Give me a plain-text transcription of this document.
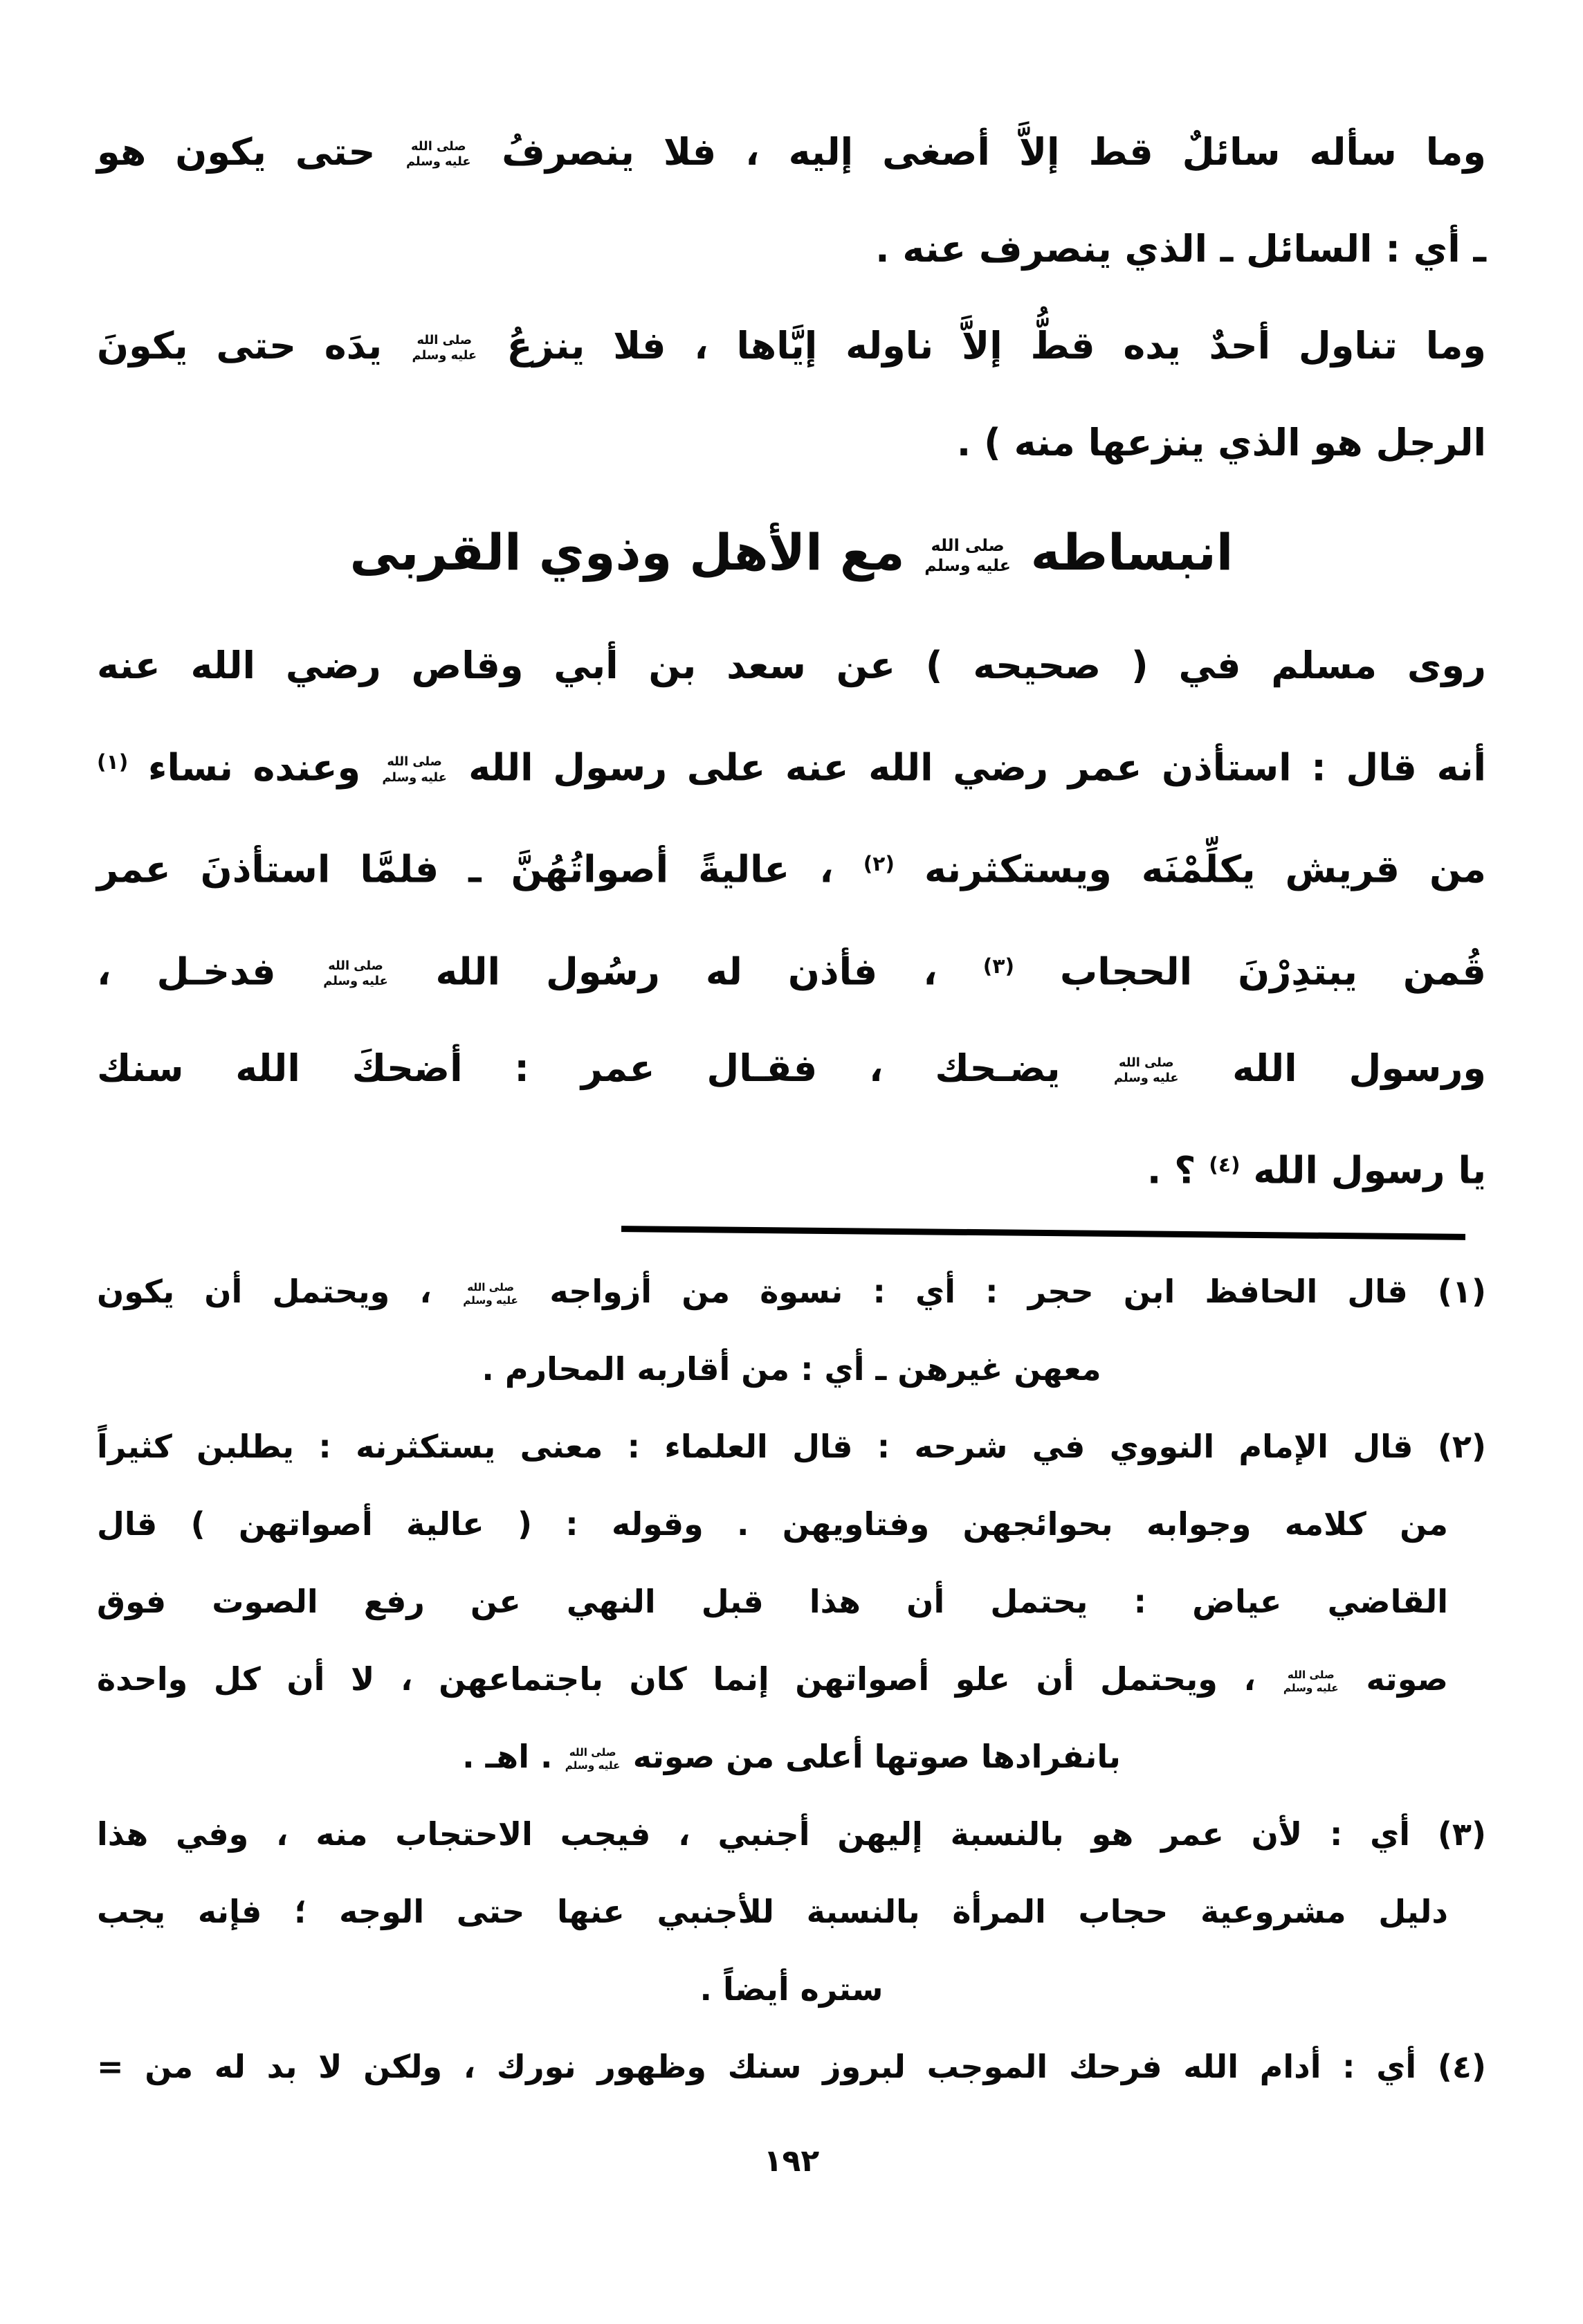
وما سأله سائلٌ قط إلاَّ أصغى إليه ، فلا ينصرفُ
صلى الله
عليه وسلم
حتى يكون هو
ـ أي : السائل ـ الذي ينصرف عنه .
وما تناول أحدٌ يده قطُّ إلاَّ ناوله إيَّاها ، فلا ينزعُ
صلى الله
عليه وسلم
يدَه حتى يكونَ
الرجل هو الذي ينزعها منه ) .
انبساطه
صلى الله
عليه وسلم
مع الأهل وذوي القربى
روى مسلم في ( صحيحه ) عن سعد بن أبي وقاص رضي الله عنه
أنه قال : استأذن عمر رضي الله عنه على رسول الله
صلى الله
عليه وسلم
وعنده نساء $^{(١)}$
من قريش يكلِّمْنَه ويستكثرنه $^{(٢)}$ ، عاليةً أصواتُهُنَّ ـ فلمَّا استأذنَ عمر
قُمن يبتدِرْنَ الحجاب $^{(٣)}$ ، فأذن له رسُول الله
صلى الله
عليه وسلم
فدخـل ،
ورسول الله
صلى الله
عليه وسلم
يضـحك ، فقـال عمر : أضحكَ الله سنك
يا رسول الله $^{(٤)}$ ؟ .
(١) قال الحافظ ابن حجر : أي : نسوة من أزواجه
صلى الله
عليه وسلم
، ويحتمل أن يكون
معهن غيرهن ـ أي : من أقاربه المحارم .
(٢) قال الإمام النووي في شرحه : قال العلماء : معنى يستكثرنه : يطلبن كثيراً
من كلامه وجوابه بحوائجهن وفتاويهن . وقوله : ( عالية أصواتهن ) قال
القاضي عياض : يحتمل أن هذا قبل النهي عن رفع الصوت فوق
صوته
صلى الله
عليه وسلم
، ويحتمل أن علو أصواتهن إنما كان باجتماعهن ، لا أن كل واحدة
بانفرادها صوتها أعلى من صوته
صلى الله
عليه وسلم
. اهـ .
(٣) أي : لأن عمر هو بالنسبة إليهن أجنبي ، فيجب الاحتجاب منه ، وفي هذا
دليل مشروعية حجاب المرأة بالنسبة للأجنبي عنها حتى الوجه ؛ فإنه يجب
ستره أيضاً .
(٤) أي : أدام الله فرحك الموجب لبروز سنك وظهور نورك ، ولكن لا بد له من =
١٩٢
